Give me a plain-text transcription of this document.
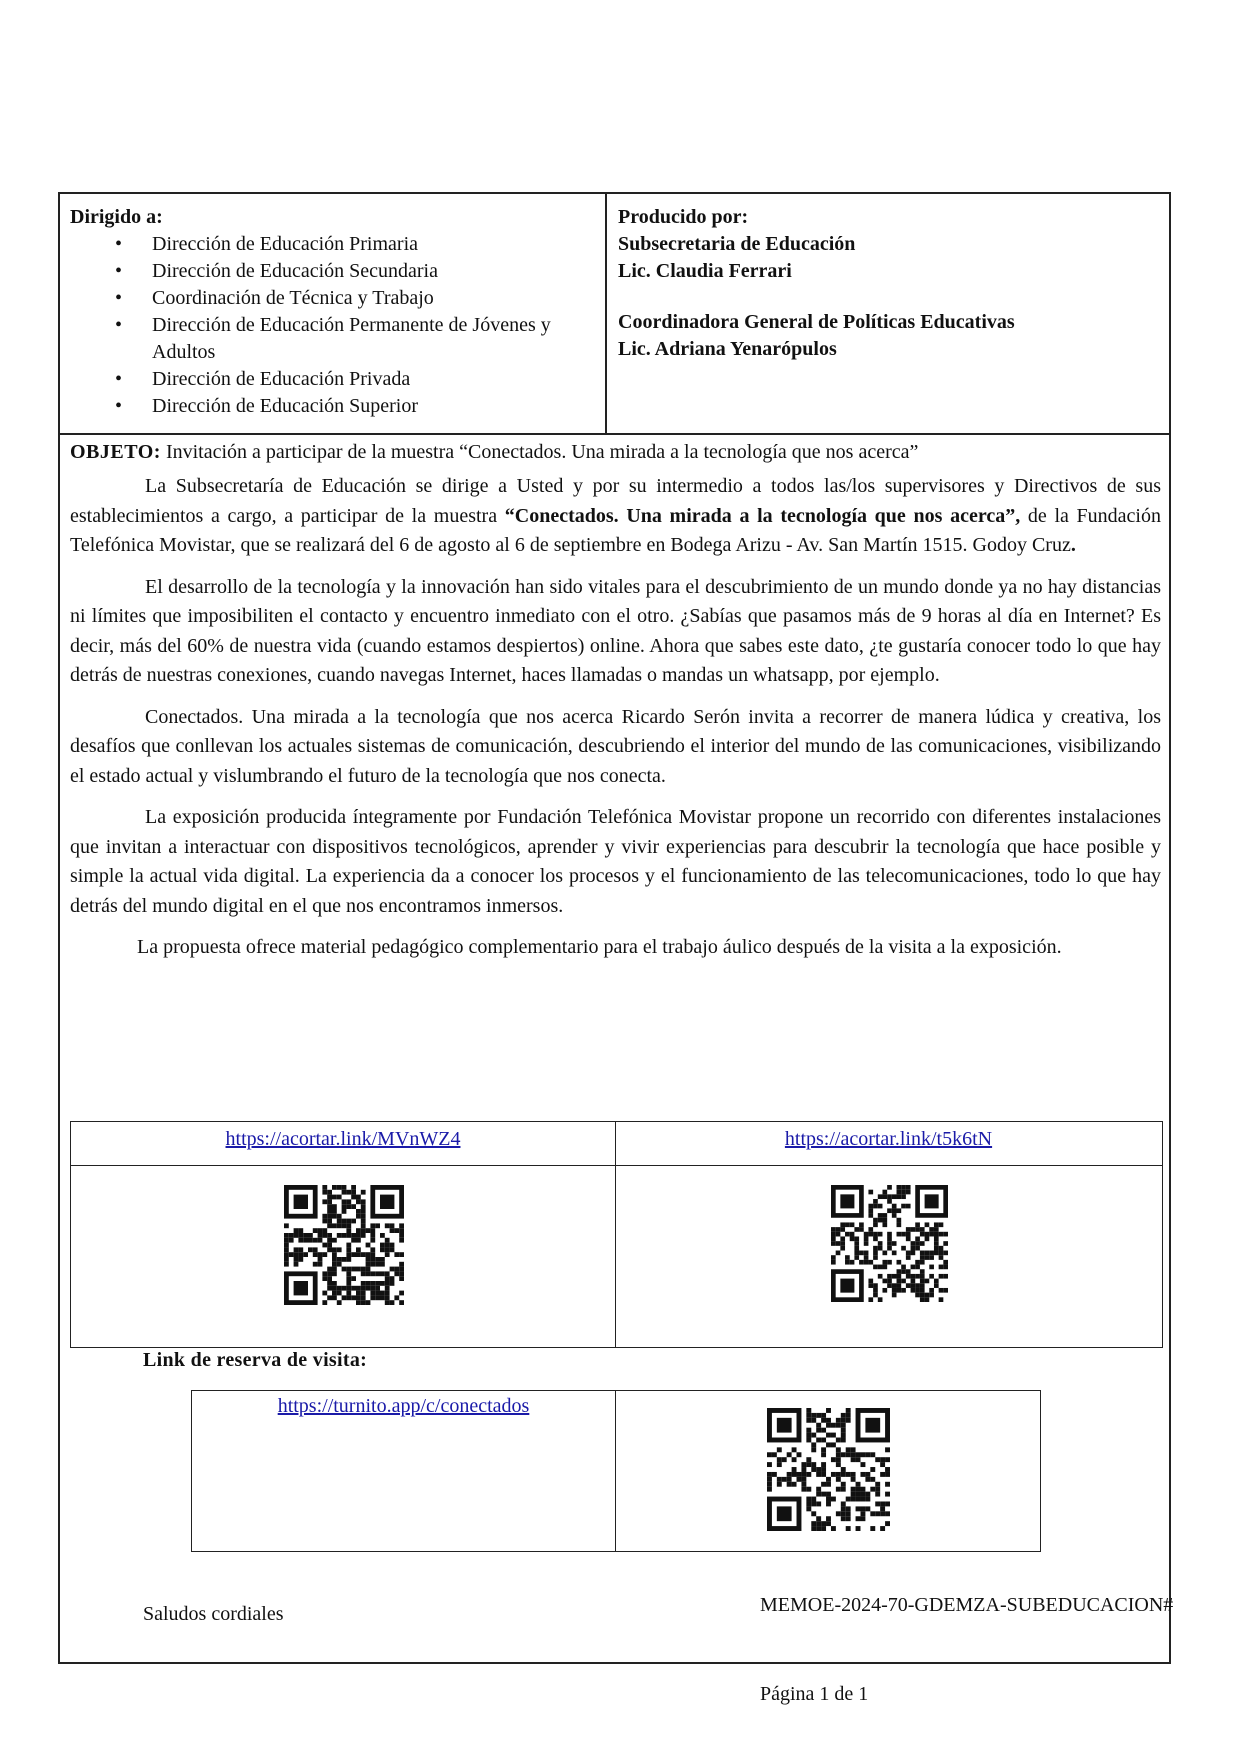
Dirigido a:
• Dirección de Educación Primaria
• Dirección de Educación Secundaria
• Coordinación de Técnica y Trabajo
• Dirección de Educación Permanente de Jóvenes y Adultos
• Dirección de Educación Privada
• Dirección de Educación Superior
Producido por:
Subsecretaria de Educación
Lic. Claudia Ferrari
Coordinadora General de Políticas Educativas
Lic. Adriana Yenarópulos
OBJETO: Invitación a participar de la muestra “Conectados. Una mirada a la tecnología que nos acerca”

La Subsecretaría de Educación se dirige a Usted y por su intermedio a todos las/los supervisores y Directivos de sus establecimientos a cargo, a participar de la muestra “Conectados. Una mirada a la tecnología que nos acerca”, de la Fundación Telefónica Movistar, que se realizará del 6 de agosto al 6 de septiembre en Bodega Arizu - Av. San Martín 1515. Godoy Cruz.

El desarrollo de la tecnología y la innovación han sido vitales para el descubrimiento de un mundo donde ya no hay distancias ni límites que imposibiliten el contacto y encuentro inmediato con el otro. ¿Sabías que pasamos más de 9 horas al día en Internet? Es decir, más del 60% de nuestra vida (cuando estamos despiertos) online. Ahora que sabes este dato, ¿te gustaría conocer todo lo que hay detrás de nuestras conexiones, cuando navegas Internet, haces llamadas o mandas un whatsapp, por ejemplo.

Conectados. Una mirada a la tecnología que nos acerca Ricardo Serón invita a recorrer de manera lúdica y creativa, los desafíos que conllevan los actuales sistemas de comunicación, descubriendo el interior del mundo de las comunicaciones, visibilizando el estado actual y vislumbrando el futuro de la tecnología que nos conecta.

La exposición producida íntegramente por Fundación Telefónica Movistar propone un recorrido con diferentes instalaciones que invitan a interactuar con dispositivos tecnológicos, aprender y vivir experiencias para descubrir la tecnología que hace posible y simple la actual vida digital. La experiencia da a conocer los procesos y el funcionamiento de las telecomunicaciones, todo lo que hay detrás del mundo digital en el que nos encontramos inmersos.

La propuesta ofrece material pedagógico complementario para el trabajo áulico después de la visita a la exposición.

https://acortar.link/MVnWZ4	https://acortar.link/t5k6tN
Link de reserva de visita:
https://turnito.app/c/conectados
Saludos cordiales	MEMOE-2024-70-GDEMZA-SUBEDUCACION#
Página 1 de 1
